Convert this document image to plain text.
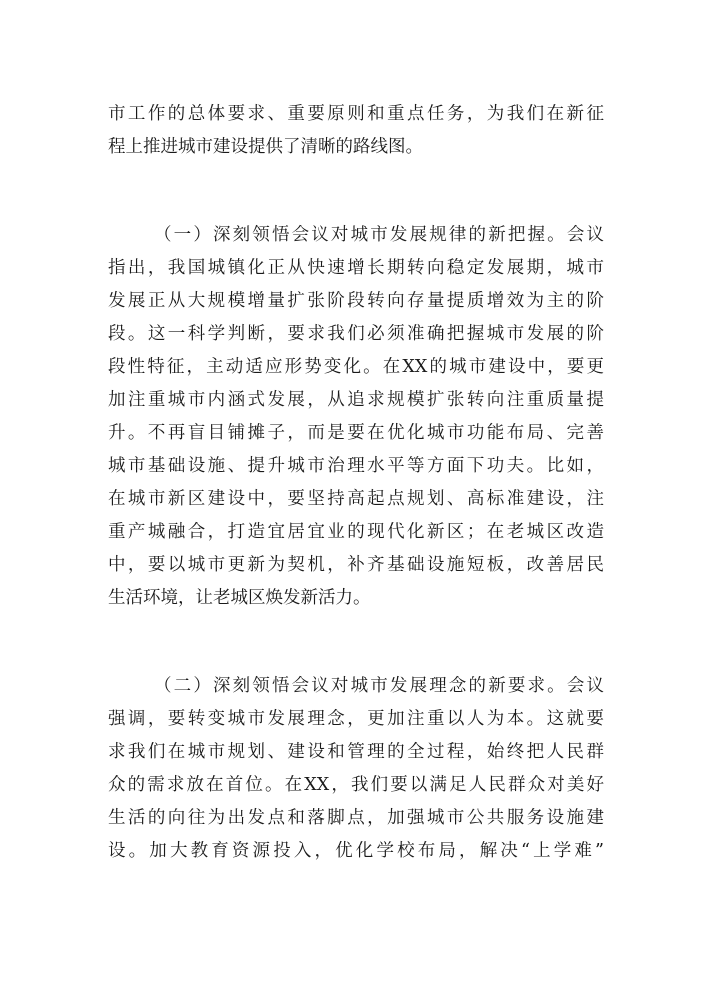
市工作的总体要求、重要原则和重点任务，为我们在新征
程上推进城市建设提供了清晰的路线图。
（一）深刻领悟会议对城市发展规律的新把握。会议
指出，我国城镇化正从快速增长期转向稳定发展期，城市
发展正从大规模增量扩张阶段转向存量提质增效为主的阶
段。这一科学判断，要求我们必须准确把握城市发展的阶
段性特征，主动适应形势变化。在XX的城市建设中，要更
加注重城市内涵式发展，从追求规模扩张转向注重质量提
升。不再盲目铺摊子，而是要在优化城市功能布局、完善
城市基础设施、提升城市治理水平等方面下功夫。比如，
在城市新区建设中，要坚持高起点规划、高标准建设，注
重产城融合，打造宜居宜业的现代化新区；在老城区改造
中，要以城市更新为契机，补齐基础设施短板，改善居民
生活环境，让老城区焕发新活力。
（二）深刻领悟会议对城市发展理念的新要求。会议
强调，要转变城市发展理念，更加注重以人为本。这就要
求我们在城市规划、建设和管理的全过程，始终把人民群
众的需求放在首位。在XX，我们要以满足人民群众对美好
生活的向往为出发点和落脚点，加强城市公共服务设施建
设。加大教育资源投入，优化学校布局，解决“上学难”
